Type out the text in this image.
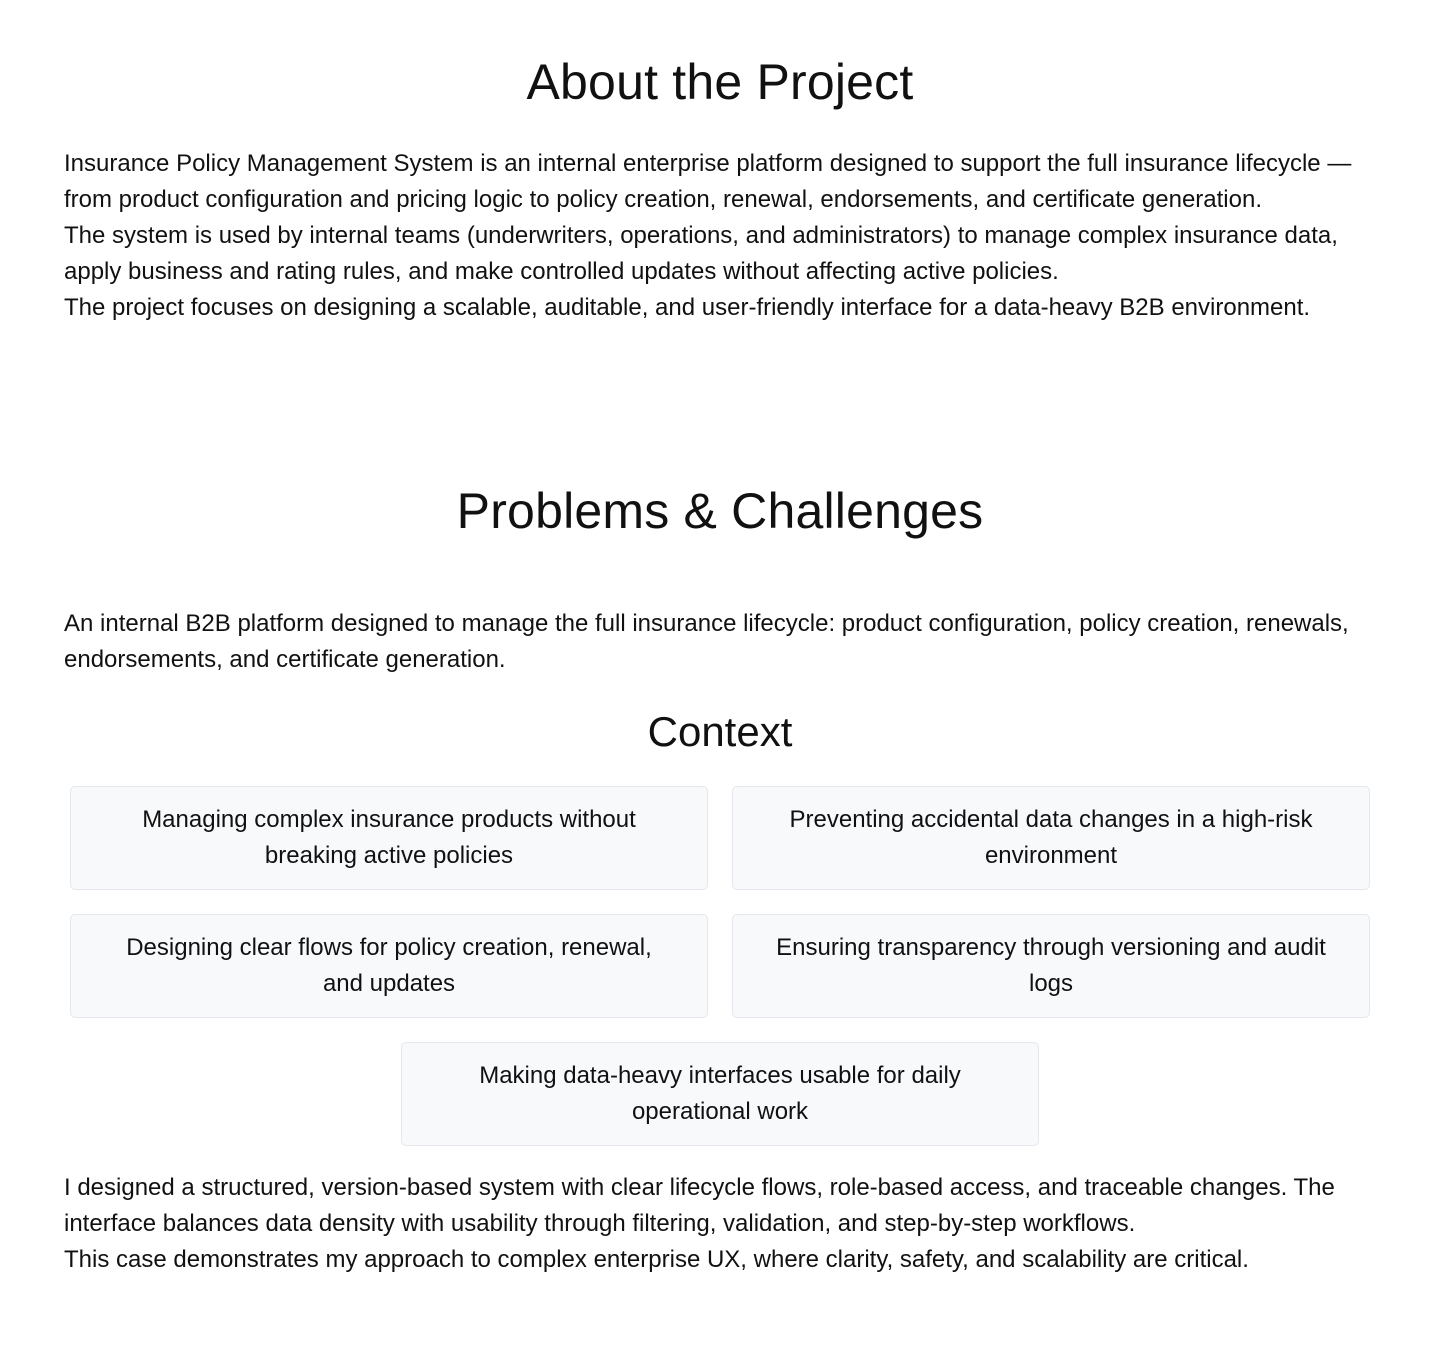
About the Project

Insurance Policy Management System is an internal enterprise platform designed to support the full insurance lifecycle — from product configuration and pricing logic to policy creation, renewal, endorsements, and certificate generation.

The system is used by internal teams (underwriters, operations, and administrators) to manage complex insurance data, apply business and rating rules, and make controlled updates without affecting active policies.

The project focuses on designing a scalable, auditable, and user-friendly interface for a data-heavy B2B environment.

Problems & Challenges

An internal B2B platform designed to manage the full insurance lifecycle: product configuration, policy creation, renewals, endorsements, and certificate generation.

Context
Managing complex insurance products without breaking active policies
Preventing accidental data changes in a high-risk environment
Designing clear flows for policy creation, renewal, and updates
Ensuring transparency through versioning and audit logs
Making data-heavy interfaces usable for daily operational work

I designed a structured, version-based system with clear lifecycle flows, role-based access, and traceable changes. The interface balances data density with usability through filtering, validation, and step-by-step workflows.

This case demonstrates my approach to complex enterprise UX, where clarity, safety, and scalability are critical.
